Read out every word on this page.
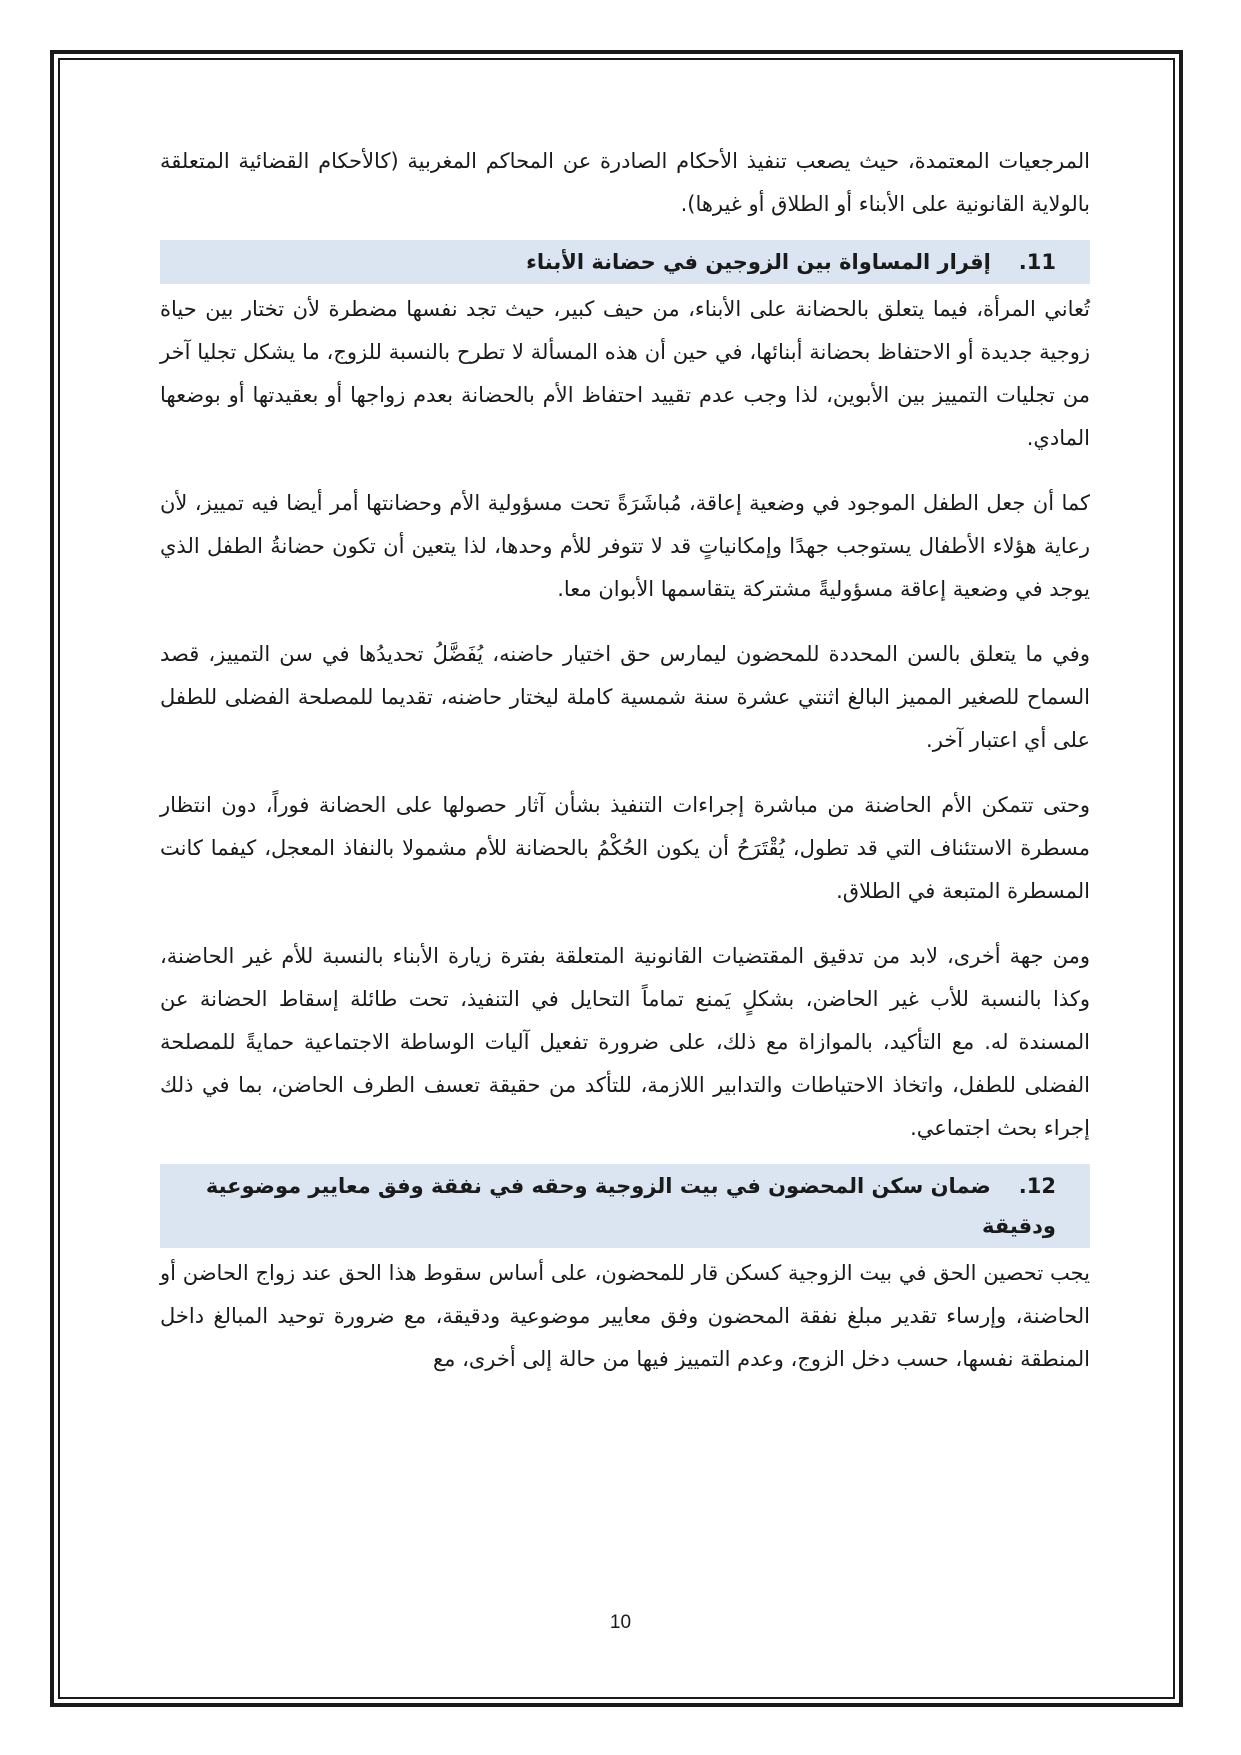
المرجعيات المعتمدة، حيث يصعب تنفيذ الأحكام الصادرة عن المحاكم المغربية (كالأحكام القضائية المتعلقة بالولاية القانونية على الأبناء أو الطلاق أو غيرها).

11.إقرار المساواة بين الزوجين في حضانة الأبناء

تُعاني المرأة، فيما يتعلق بالحضانة على الأبناء، من حيف كبير، حيث تجد نفسها مضطرة لأن تختار بين حياة زوجية جديدة أو الاحتفاظ بحضانة أبنائها، في حين أن هذه المسألة لا تطرح بالنسبة للزوج، ما يشكل تجليا آخر من تجليات التمييز بين الأبوين، لذا وجب عدم تقييد احتفاظ الأم بالحضانة بعدم زواجها أو بعقيدتها أو بوضعها المادي.

كما أن جعل الطفل الموجود في وضعية إعاقة، مُباشَرَةً تحت مسؤولية الأم وحضانتها أمر أيضا فيه تمييز، لأن رعاية هؤلاء الأطفال يستوجب جهدًا وإمكانياتٍ قد لا تتوفر للأم وحدها، لذا يتعين أن تكون حضانةُ الطفل الذي يوجد في وضعية إعاقة مسؤوليةً مشتركة يتقاسمها الأبوان معا.

وفي ما يتعلق بالسن المحددة للمحضون ليمارس حق اختيار حاضنه، يُفَضَّلُ تحديدُها في سن التمييز، قصد السماح للصغير المميز البالغ اثنتي عشرة سنة شمسية كاملة ليختار حاضنه، تقديما للمصلحة الفضلى للطفل على أي اعتبار آخر.

وحتى تتمكن الأم الحاضنة من مباشرة إجراءات التنفيذ بشأن آثار حصولها على الحضانة فوراً، دون انتظار مسطرة الاستئناف التي قد تطول، يُقْتَرَحُ أن يكون الحُكْمُ بالحضانة للأم مشمولا بالنفاذ المعجل، كيفما كانت المسطرة المتبعة في الطلاق.

ومن جهة أخرى، لابد من تدقيق المقتضيات القانونية المتعلقة بفترة زيارة الأبناء بالنسبة للأم غير الحاضنة، وكذا بالنسبة للأب غير الحاضن، بشكلٍ يَمنع تماماً التحايل في التنفيذ، تحت طائلة إسقاط الحضانة عن المسندة له. مع التأكيد، بالموازاة مع ذلك، على ضرورة تفعيل آليات الوساطة الاجتماعية حمايةً للمصلحة الفضلى للطفل، واتخاذ الاحتياطات والتدابير اللازمة، للتأكد من حقيقة تعسف الطرف الحاضن، بما في ذلك إجراء بحث اجتماعي.

12.ضمان سكن المحضون في بيت الزوجية وحقه في نفقة وفق معايير موضوعية ودقيقة

يجب تحصين الحق في بيت الزوجية كسكن قار للمحضون، على أساس سقوط هذا الحق عند زواج الحاضن أو الحاضنة، وإرساء تقدير مبلغ نفقة المحضون وفق معايير موضوعية ودقيقة، مع ضرورة توحيد المبالغ داخل المنطقة نفسها، حسب دخل الزوج، وعدم التمييز فيها من حالة إلى أخرى، مع

10
